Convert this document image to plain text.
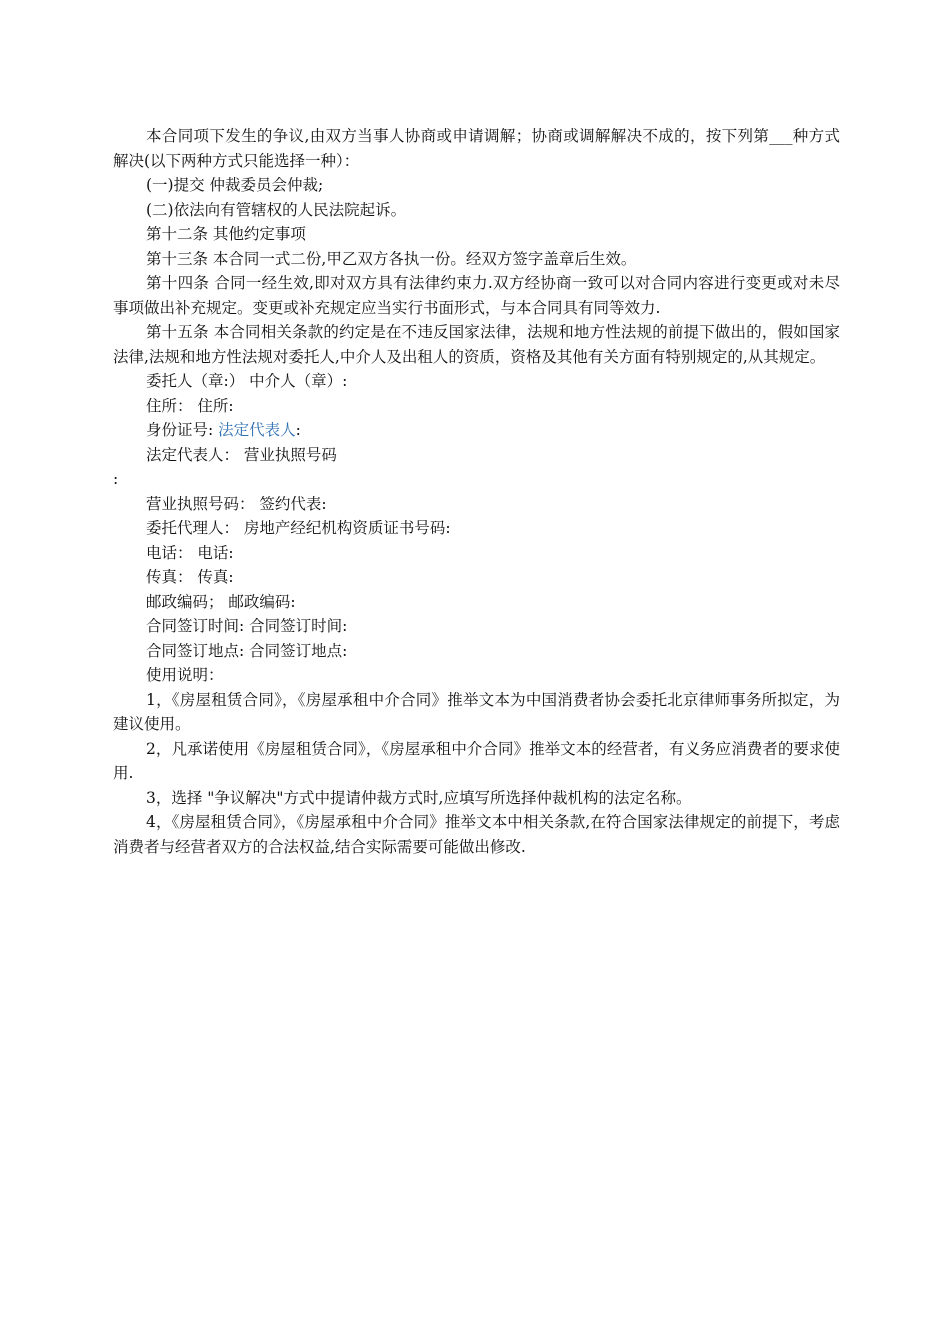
本合同项下发生的争议,由双方当事人协商或申请调解；协商或调解解决不成的，按下列第___种方式解决(以下两种方式只能选择一种）：

(一)提交 仲裁委员会仲裁;

(二)依法向有管辖权的人民法院起诉。

第十二条 其他约定事项

第十三条 本合同一式二份,甲乙双方各执一份。经双方签字盖章后生效。

第十四条 合同一经生效,即对双方具有法律约束力.双方经协商一致可以对合同内容进行变更或对未尽事项做出补充规定。变更或补充规定应当实行书面形式，与本合同具有同等效力.

第十五条 本合同相关条款的约定是在不违反国家法律，法规和地方性法规的前提下做出的，假如国家法律,法规和地方性法规对委托人,中介人及出租人的资质，资格及其他有关方面有特别规定的,从其规定。

委托人（章:） 中介人（章）:

住所： 住所:

身份证号: 法定代表人:

法定代表人： 营业执照号码

:

营业执照号码： 签约代表:

委托代理人： 房地产经纪机构资质证书号码:

电话： 电话:

传真： 传真:

邮政编码； 邮政编码:

合同签订时间: 合同签订时间:

合同签订地点: 合同签订地点:

使用说明：

1，《房屋租赁合同》，《房屋承租中介合同》推举文本为中国消费者协会委托北京律师事务所拟定，为建议使用。

2，凡承诺使用《房屋租赁合同》，《房屋承租中介合同》推举文本的经营者，有义务应消费者的要求使用.

3，选择 "争议解决"方式中提请仲裁方式时,应填写所选择仲裁机构的法定名称。

4，《房屋租赁合同》，《房屋承租中介合同》推举文本中相关条款,在符合国家法律规定的前提下，考虑消费者与经营者双方的合法权益,结合实际需要可能做出修改.
